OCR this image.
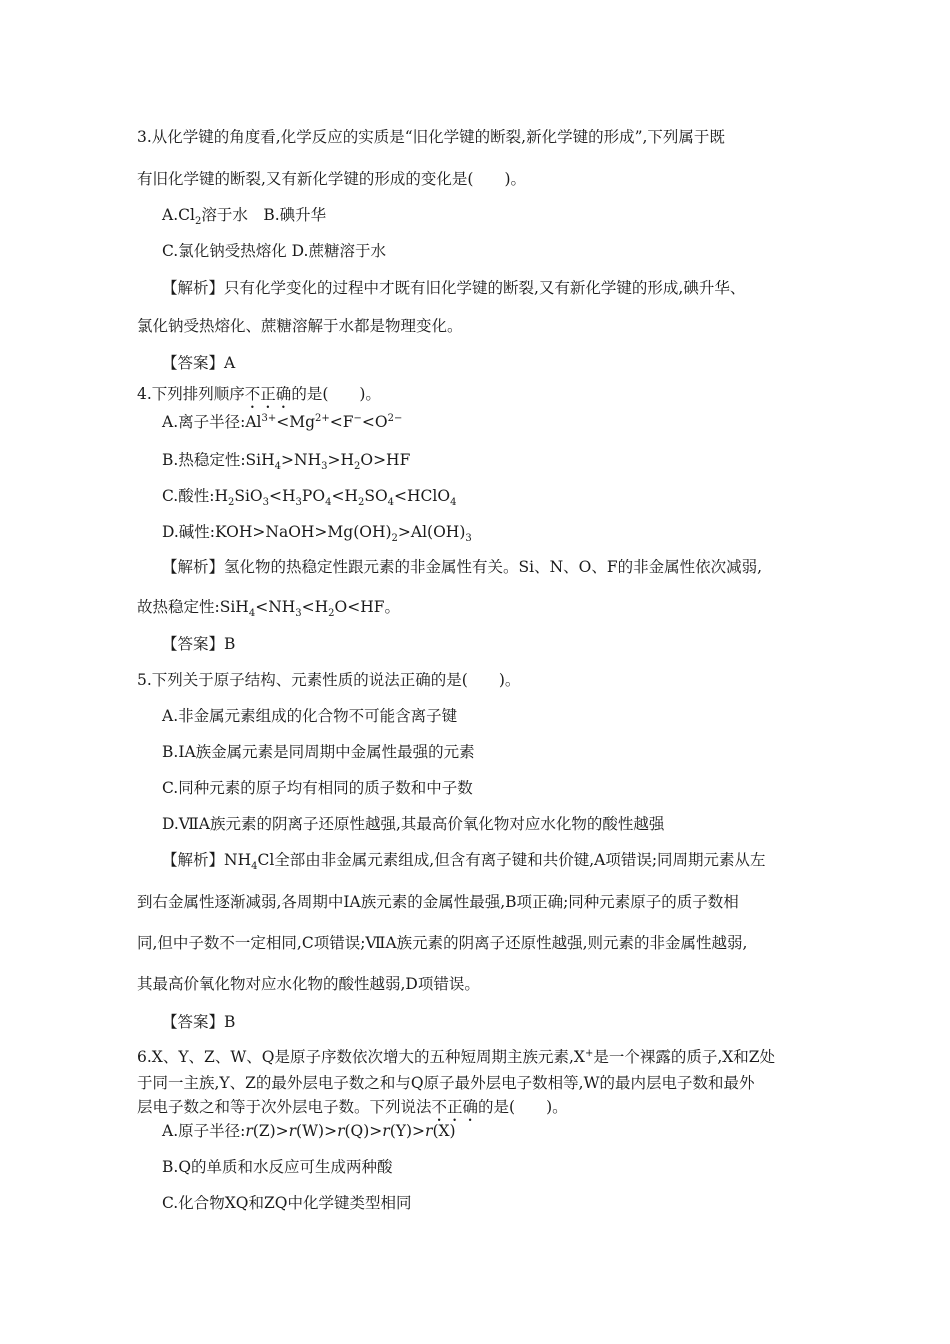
3.从化学键的角度看,化学反应的实质是“旧化学键的断裂,新化学键的形成”,下列属于既
有旧化学键的断裂,又有新化学键的形成的变化是(　　)。
$A.Cl_2$溶于水　B.碘升华
C.氯化钠受热熔化 D.蔗糖溶于水
【解析】只有化学变化的过程中才既有旧化学键的断裂,又有新化学键的形成,碘升华、
氯化钠受热熔化、蔗糖溶解于水都是物理变化。
【答案】A
4.下列排列顺序不正确的是(　　)。
A.离子半径$:Al^{3+}<Mg^{2+}<F^-<O^{2-}$
B.热稳定性$:SiH_4>NH_3>H_2O>HF$
C.酸性$:H_2SiO_3<H_3PO_4<H_2SO_4<HClO_4$
D.碱性$:KOH>NaOH>Mg(OH)_2>Al(OH)_3$
【解析】氢化物的热稳定性跟元素的非金属性有关。Si、N、O、F的非金属性依次减弱,
故热稳定性$:SiH_4<NH_3<H_2O<HF$。
【答案】B
5.下列关于原子结构、元素性质的说法正确的是(　　)。
A.非金属元素组成的化合物不可能含离子键
B.ⅠA族金属元素是同周期中金属性最强的元素
C.同种元素的原子均有相同的质子数和中子数
D.ⅦA族元素的阴离子还原性越强,其最高价氧化物对应水化物的酸性越强
【解析】$NH_4Cl$全部由非金属元素组成,但含有离子键和共价键,A项错误;同周期元素从左
到右金属性逐渐减弱,各周期中ⅠA族元素的金属性最强,B项正确;同种元素原子的质子数相
同,但中子数不一定相同,C项错误;ⅦA族元素的阴离子还原性越强,则元素的非金属性越弱,
其最高价氧化物对应水化物的酸性越弱,D项错误。
【答案】B
6.X、Y、Z、W、Q是原子序数依次增大的五种短周期主族元素,X+是一个裸露的质子,X和Z处
于同一主族,Y、Z的最外层电子数之和与Q原子最外层电子数相等,W的最内层电子数和最外
层电子数之和等于次外层电子数。下列说法不正确的是(　　)。
A.原子半径:r(Z)>r(W)>r(Q)>r(Y)>r(X)
B.Q的单质和水反应可生成两种酸
C.化合物XQ和ZQ中化学键类型相同
